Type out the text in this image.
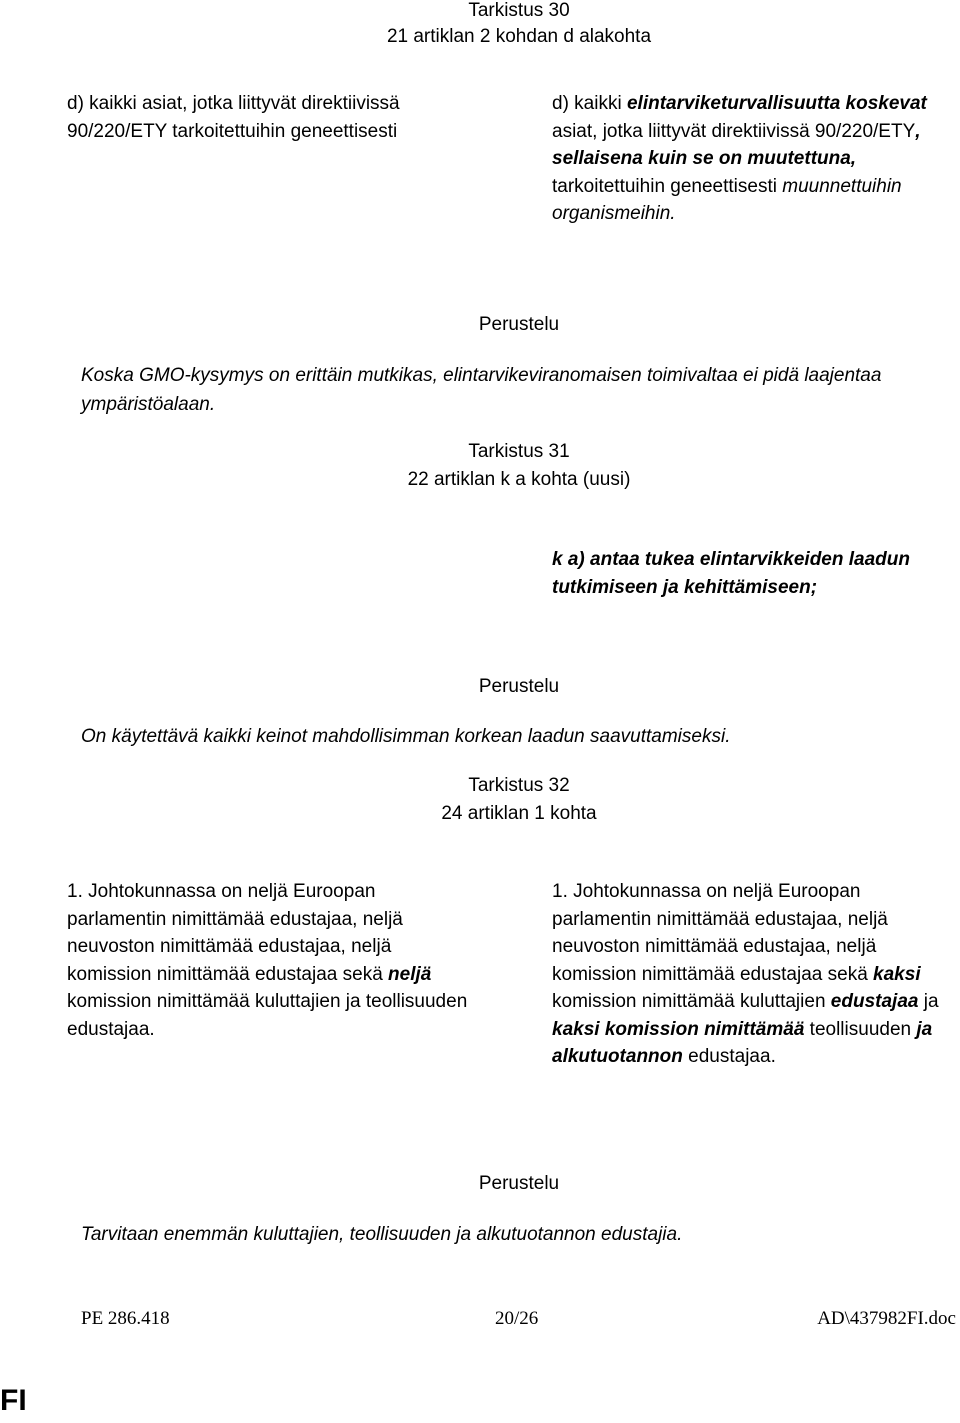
Tarkistus 30
21 artiklan 2 kohdan d alakohta
d) kaikki asiat, jotka liittyvät direktiivissä 90/220/ETY tarkoitettuihin geneettisesti
d) kaikki elintarviketurvallisuutta koskevat asiat, jotka liittyvät direktiivissä 90/220/ETY, sellaisena kuin se on muutettuna, tarkoitettuihin geneettisesti muunnettuihin organismeihin.
Perustelu
Koska GMO-kysymys on erittäin mutkikas, elintarvikeviranomaisen toimivaltaa ei pidä laajentaa ympäristöalaan.
Tarkistus 31
22 artiklan k a kohta (uusi)
k a) antaa tukea elintarvikkeiden laadun tutkimiseen ja kehittämiseen;
Perustelu
On käytettävä kaikki keinot mahdollisimman korkean laadun saavuttamiseksi.
Tarkistus 32
24 artiklan 1 kohta
1. Johtokunnassa on neljä Euroopan parlamentin nimittämää edustajaa, neljä neuvoston nimittämää edustajaa, neljä komission nimittämää edustajaa sekä neljä komission nimittämää kuluttajien ja teollisuuden edustajaa.
1. Johtokunnassa on neljä Euroopan parlamentin nimittämää edustajaa, neljä neuvoston nimittämää edustajaa, neljä komission nimittämää edustajaa sekä kaksi komission nimittämää kuluttajien edustajaa ja kaksi komission nimittämää teollisuuden ja alkutuotannon edustajaa.
Perustelu
Tarvitaan enemmän kuluttajien, teollisuuden ja alkutuotannon edustajia.
PE 286.418	20/26	AD\437982FI.doc
FI
